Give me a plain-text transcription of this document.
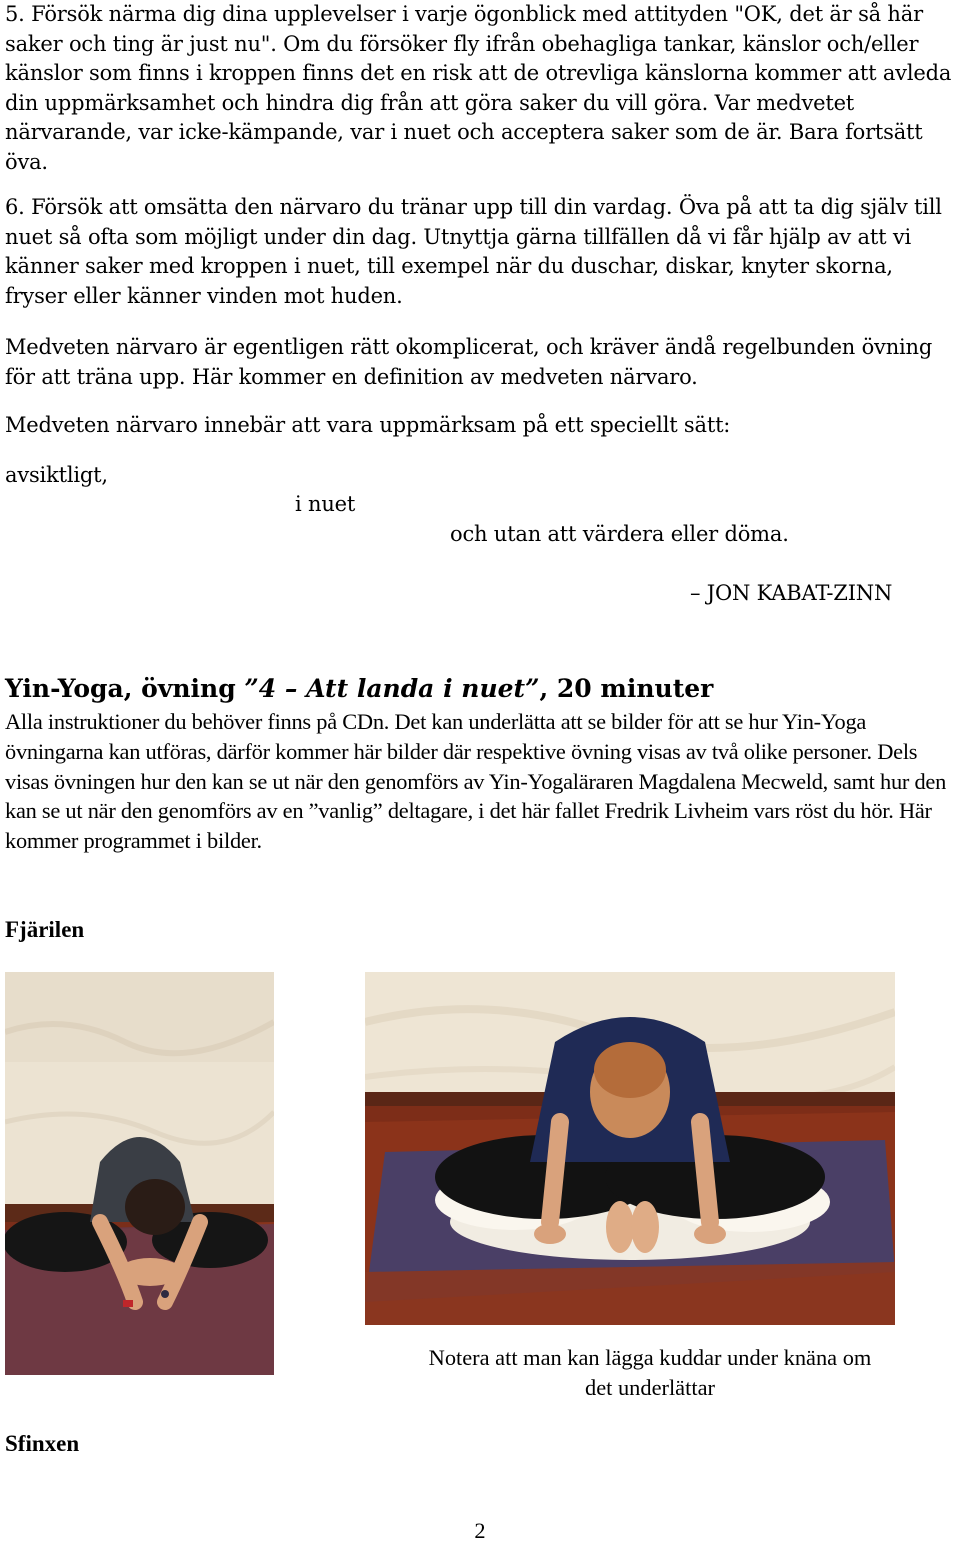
5. Försök närma dig dina upplevelser i varje ögonblick med attityden "OK, det är så här saker och ting är just nu". Om du försöker fly ifrån obehagliga tankar, känslor och/eller känslor som finns i kroppen finns det en risk att de otrevliga känslorna kommer att avleda din uppmärksamhet och hindra dig från att göra saker du vill göra. Var medvetet närvarande, var icke-kämpande, var i nuet och acceptera saker som de är. Bara fortsätt öva.

6. Försök att omsätta den närvaro du tränar upp till din vardag. Öva på att ta dig själv till nuet så ofta som möjligt under din dag. Utnyttja gärna tillfällen då vi får hjälp av att vi känner saker med kroppen i nuet, till exempel när du duschar, diskar, knyter skorna, fryser eller känner vinden mot huden.

Medveten närvaro är egentligen rätt okomplicerat, och kräver ändå regelbunden övning för att träna upp. Här kommer en definition av medveten närvaro.

Medveten närvaro innebär att vara uppmärksam på ett speciellt sätt:

avsiktligt,

i nuet

och utan att värdera eller döma.

– JON KABAT-ZINN

Yin-Yoga, övning ”4 – Att landa i nuet”, 20 minuter

Alla instruktioner du behöver finns på CDn. Det kan underlätta att se bilder för att se hur Yin-Yoga övningarna kan utföras, därför kommer här bilder där respektive övning visas av två olike personer. Dels visas övningen hur den kan se ut när den genomförs av Yin-Yogaläraren Magdalena Mecweld, samt hur den kan se ut när den genomförs av en ”vanlig” deltagare, i det här fallet Fredrik Livheim vars röst du hör. Här kommer programmet i bilder.

Fjärilen

Notera att man kan lägga kuddar under knäna om det underlättar

Sfinxen

2
